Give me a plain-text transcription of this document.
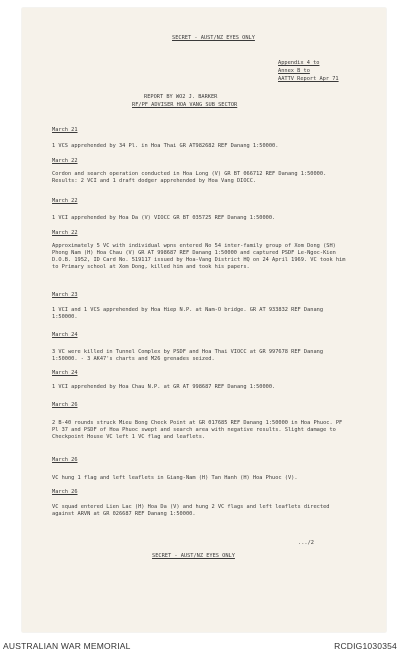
SECRET - AUST/NZ EYES ONLY
Appendix 4 to
Annex B to
AATTV Report Apr 71
REPORT BY WO2 J. BARKER
RF/PF ADVISER HOA VANG SUB SECTOR
March 21
1 VCS apprehended by 34 Pl. in Hoa Thai GR AT982682 REF Danang 1:50000.
March 22
Cordon and search operation conducted in Hoa Long (V) GR BT 066712 REF Danang 1:50000. Results: 2 VCI and 1 draft dodger apprehended by Hoa Vang DIOCC.
March 22
1 VCI apprehended by Hoa Da (V) VIOCC GR BT 035725 REF Danang 1:50000.
March 22
Approximately 5 VC with individual wpns entered No 54 inter-family group of Xom Dong (SH) Phong Nam (H) Hoa Chau (V) GR AT 998687 REF Danang 1:50000 and captured PSDF Le-Ngoc-Kien D.O.B. 1952, ID Card No. 519117 issued by Hoa-Vang District HQ on 24 April 1969. VC took him to Primary school at Xom Dong, killed him and took his papers.
March 23
1 VCI and 1 VCS apprehended by Hoa Hiep N.P. at Nam-O bridge. GR AT 933832 REF Danang 1:50000.
March 24
3 VC were killed in Tunnel Complex by PSDF and Hoa Thai VIOCC at GR 997678 REF Danang 1:50000. - 3 AK47's charts and M26 grenades seized.
March 24
1 VCI apprehended by Hoa Chau N.P. at GR AT 998687 REF Danang 1:50000.
March 26
2 B-40 rounds struck Mieu Bong Check Point at GR 017685 REF Danang 1:50000 in Hoa Phuoc. PF Pl 37 and PSDF of Hoa Phuoc swept and search area with negative results. Slight damage to Checkpoint House VC left 1 VC flag and leaflets.
March 26
VC hung 1 flag and left leaflets in Giang-Nam (H) Tan Hanh (H) Hoa Phuoc (V).
March 26
VC squad entered Lien Lac (H) Hoa Da (V) and hung 2 VC flags and left leaflets directed against ARVN at GR 026687 REF Danang 1:50000.
.../2
SECRET - AUST/NZ EYES ONLY
AUSTRALIAN WAR MEMORIAL	RCDIG1030354
